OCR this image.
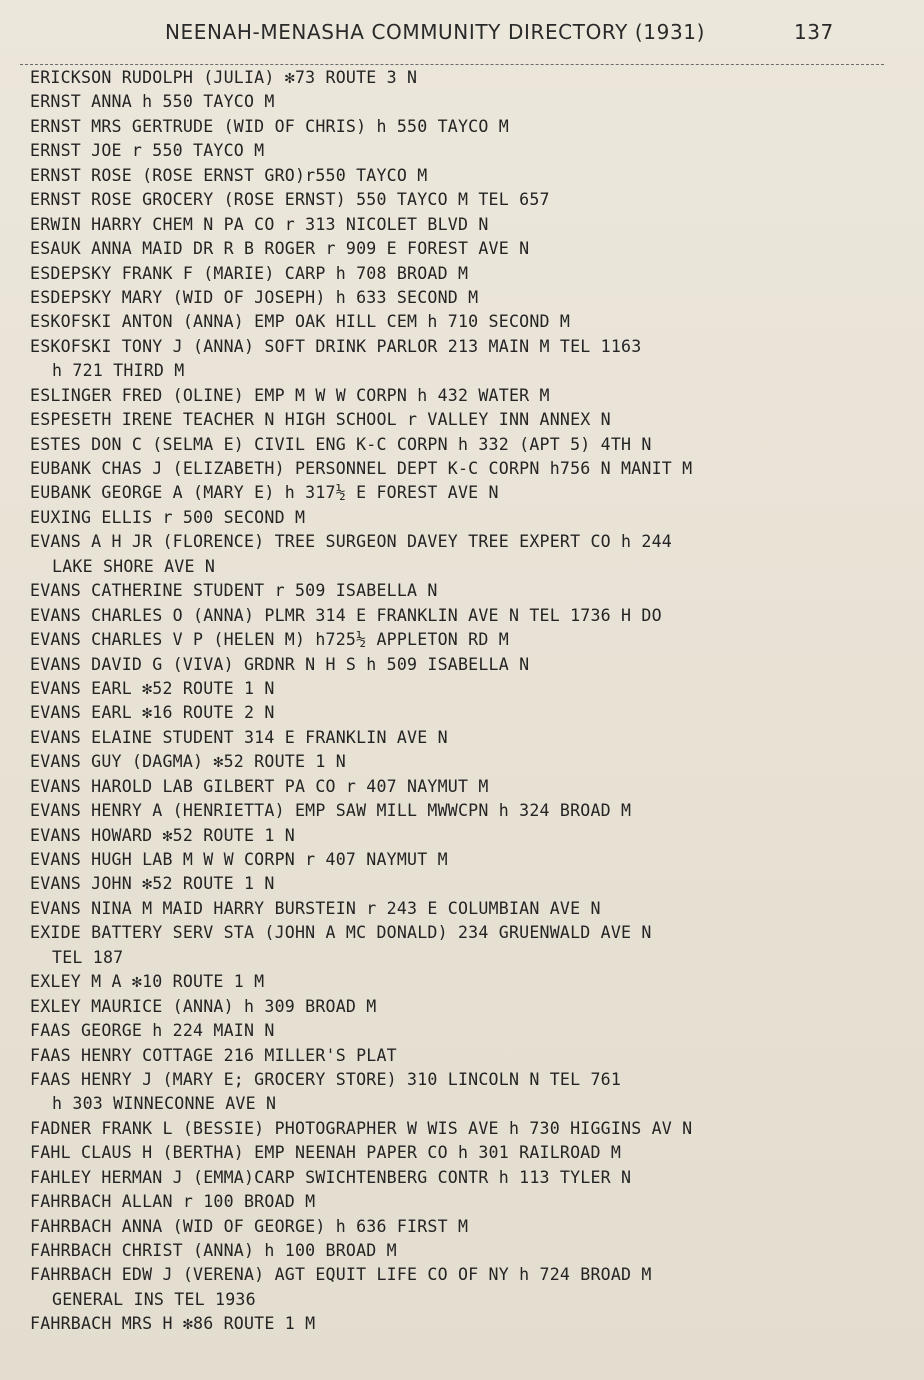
NEENAH-MENASHA COMMUNITY DIRECTORY (1931)	137
ERICKSON RUDOLPH (JULIA) ✻73 ROUTE 3 N
ERNST ANNA h 550 TAYCO M
ERNST MRS GERTRUDE (WID OF CHRIS) h 550 TAYCO M
ERNST JOE r 550 TAYCO M
ERNST ROSE (ROSE ERNST GRO)r550 TAYCO M
ERNST ROSE GROCERY (ROSE ERNST) 550 TAYCO M TEL 657
ERWIN HARRY CHEM N PA CO r 313 NICOLET BLVD N
ESAUK ANNA MAID DR R B ROGER r 909 E FOREST AVE N
ESDEPSKY FRANK F (MARIE) CARP h 708 BROAD M
ESDEPSKY MARY (WID OF JOSEPH) h 633 SECOND M
ESKOFSKI ANTON (ANNA) EMP OAK HILL CEM h 710 SECOND M
ESKOFSKI TONY J (ANNA) SOFT DRINK PARLOR 213 MAIN M TEL 1163
h 721 THIRD M
ESLINGER FRED (OLINE) EMP M W W CORPN h 432 WATER M
ESPESETH IRENE TEACHER N HIGH SCHOOL r VALLEY INN ANNEX N
ESTES DON C (SELMA E) CIVIL ENG K-C CORPN h 332 (APT 5) 4TH N
EUBANK CHAS J (ELIZABETH) PERSONNEL DEPT K-C CORPN h756 N MANIT M
EUBANK GEORGE A (MARY E) h 317½ E FOREST AVE N
EUXING ELLIS r 500 SECOND M
EVANS A H JR (FLORENCE) TREE SURGEON DAVEY TREE EXPERT CO h 244
LAKE SHORE AVE N
EVANS CATHERINE STUDENT r 509 ISABELLA N
EVANS CHARLES O (ANNA) PLMR 314 E FRANKLIN AVE N TEL 1736 H DO
EVANS CHARLES V P (HELEN M) h725½ APPLETON RD M
EVANS DAVID G (VIVA) GRDNR N H S h 509 ISABELLA N
EVANS EARL ✻52 ROUTE 1 N
EVANS EARL ✻16 ROUTE 2 N
EVANS ELAINE STUDENT 314 E FRANKLIN AVE N
EVANS GUY (DAGMA) ✻52 ROUTE 1 N
EVANS HAROLD LAB GILBERT PA CO r 407 NAYMUT M
EVANS HENRY A (HENRIETTA) EMP SAW MILL MWWCPN h 324 BROAD M
EVANS HOWARD ✻52 ROUTE 1 N
EVANS HUGH LAB M W W CORPN r 407 NAYMUT M
EVANS JOHN ✻52 ROUTE 1 N
EVANS NINA M MAID HARRY BURSTEIN r 243 E COLUMBIAN AVE N
EXIDE BATTERY SERV STA (JOHN A MC DONALD) 234 GRUENWALD AVE N
TEL 187
EXLEY M A ✻10 ROUTE 1 M
EXLEY MAURICE (ANNA) h 309 BROAD M
FAAS GEORGE h 224 MAIN N
FAAS HENRY COTTAGE 216 MILLER'S PLAT
FAAS HENRY J (MARY E; GROCERY STORE) 310 LINCOLN N TEL 761
h 303 WINNECONNE AVE N
FADNER FRANK L (BESSIE) PHOTOGRAPHER W WIS AVE h 730 HIGGINS AV N
FAHL CLAUS H (BERTHA) EMP NEENAH PAPER CO h 301 RAILROAD M
FAHLEY HERMAN J (EMMA)CARP SWICHTENBERG CONTR h 113 TYLER N
FAHRBACH ALLAN r 100 BROAD M
FAHRBACH ANNA (WID OF GEORGE) h 636 FIRST M
FAHRBACH CHRIST (ANNA) h 100 BROAD M
FAHRBACH EDW J (VERENA) AGT EQUIT LIFE CO OF NY h 724 BROAD M
GENERAL INS TEL 1936
FAHRBACH MRS H ✻86 ROUTE 1 M
